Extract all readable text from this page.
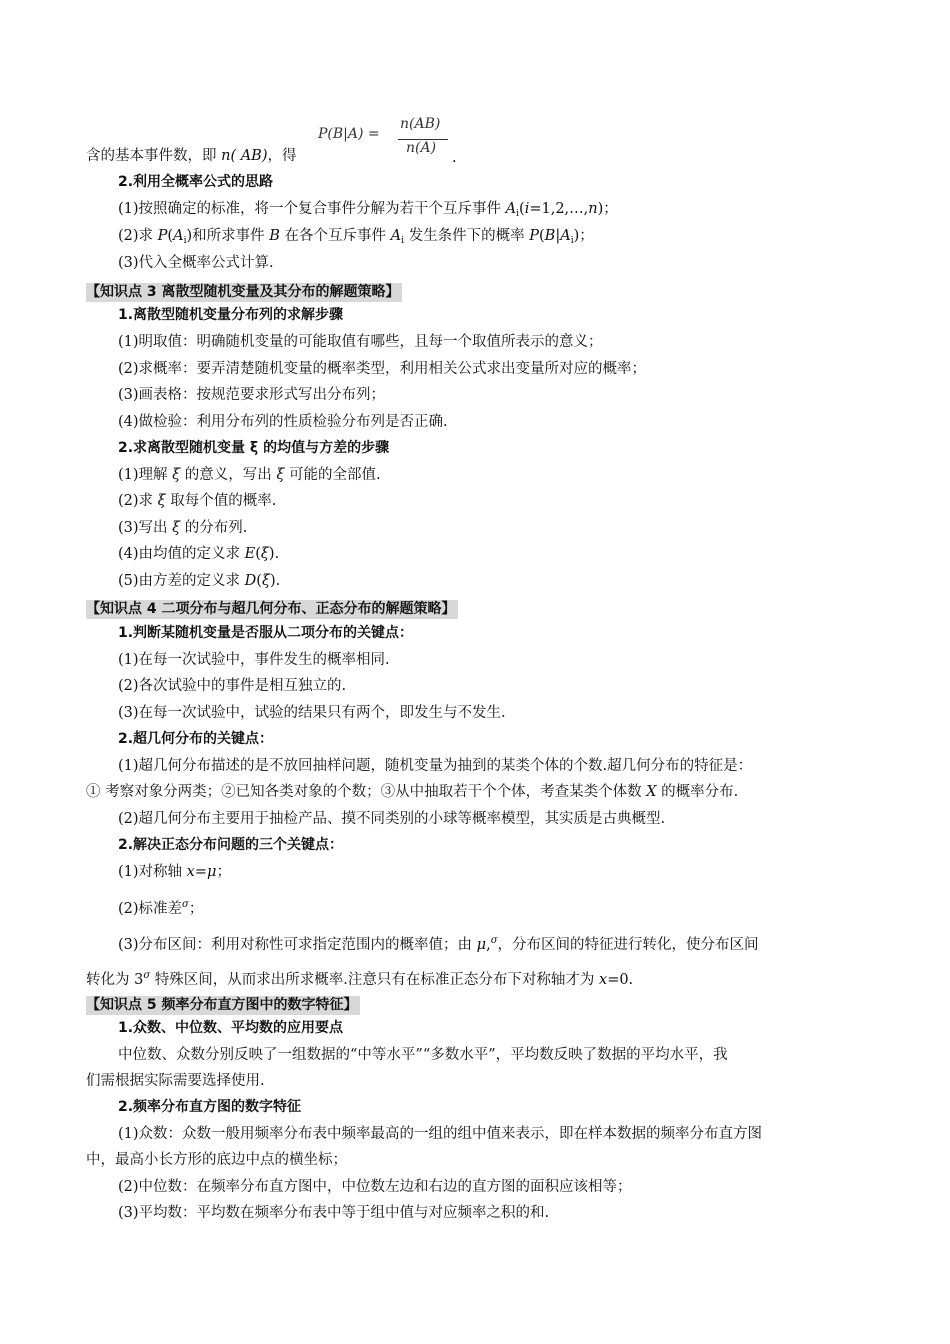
P(B|A) =
n(AB)
n(A)
含的基本事件数，即 n( AB)，得	.
2.利用全概率公式的思路
(1)按照确定的标准，将一个复合事件分解为若干个互斥事件 $A_i(i=1,2,\dots,n)$；
(2)求 $P(A_i)$和所求事件 B 在各个互斥事件 $A_i$ 发生条件下的概率 $P(B|A_i)$；
(3)代入全概率公式计算.
【知识点 3 离散型随机变量及其分布的解题策略】
1.离散型随机变量分布列的求解步骤
(1)明取值：明确随机变量的可能取值有哪些，且每一个取值所表示的意义；
(2)求概率：要弄清楚随机变量的概率类型，利用相关公式求出变量所对应的概率；
(3)画表格：按规范要求形式写出分布列；
(4)做检验：利用分布列的性质检验分布列是否正确.
2.求离散型随机变量 ξ 的均值与方差的步骤
(1)理解 ξ 的意义，写出 ξ 可能的全部值.
(2)求 ξ 取每个值的概率.
(3)写出 ξ 的分布列.
(4)由均值的定义求 E(ξ).
(5)由方差的定义求 D(ξ).
【知识点 4 二项分布与超几何分布、正态分布的解题策略】
1.判断某随机变量是否服从二项分布的关键点：
(1)在每一次试验中，事件发生的概率相同.
(2)各次试验中的事件是相互独立的.
(3)在每一次试验中，试验的结果只有两个，即发生与不发生.
2.超几何分布的关键点：
(1)超几何分布描述的是不放回抽样问题，随机变量为抽到的某类个体的个数.超几何分布的特征是：
① 考察对象分两类；②已知各类对象的个数；③从中抽取若干个个体，考查某类个体数 X 的概率分布.
(2)超几何分布主要用于抽检产品、摸不同类别的小球等概率模型，其实质是古典概型.
2.解决正态分布问题的三个关键点：
(1)对称轴 x=μ；
(2)标准差$^\sigma$；
(3)分布区间：利用对称性可求指定范围内的概率值；由 μ,$^\sigma$，分布区间的特征进行转化，使分布区间
转化为 $3^\sigma$ 特殊区间，从而求出所求概率.注意只有在标准正态分布下对称轴才为 x=0.
【知识点 5 频率分布直方图中的数字特征】
1.众数、中位数、平均数的应用要点
中位数、众数分别反映了一组数据的“中等水平”“多数水平”，平均数反映了数据的平均水平，我
们需根据实际需要选择使用.
2.频率分布直方图的数字特征
(1)众数：众数一般用频率分布表中频率最高的一组的组中值来表示，即在样本数据的频率分布直方图
中，最高小长方形的底边中点的横坐标；
(2)中位数：在频率分布直方图中，中位数左边和右边的直方图的面积应该相等；
(3)平均数：平均数在频率分布表中等于组中值与对应频率之积的和.
